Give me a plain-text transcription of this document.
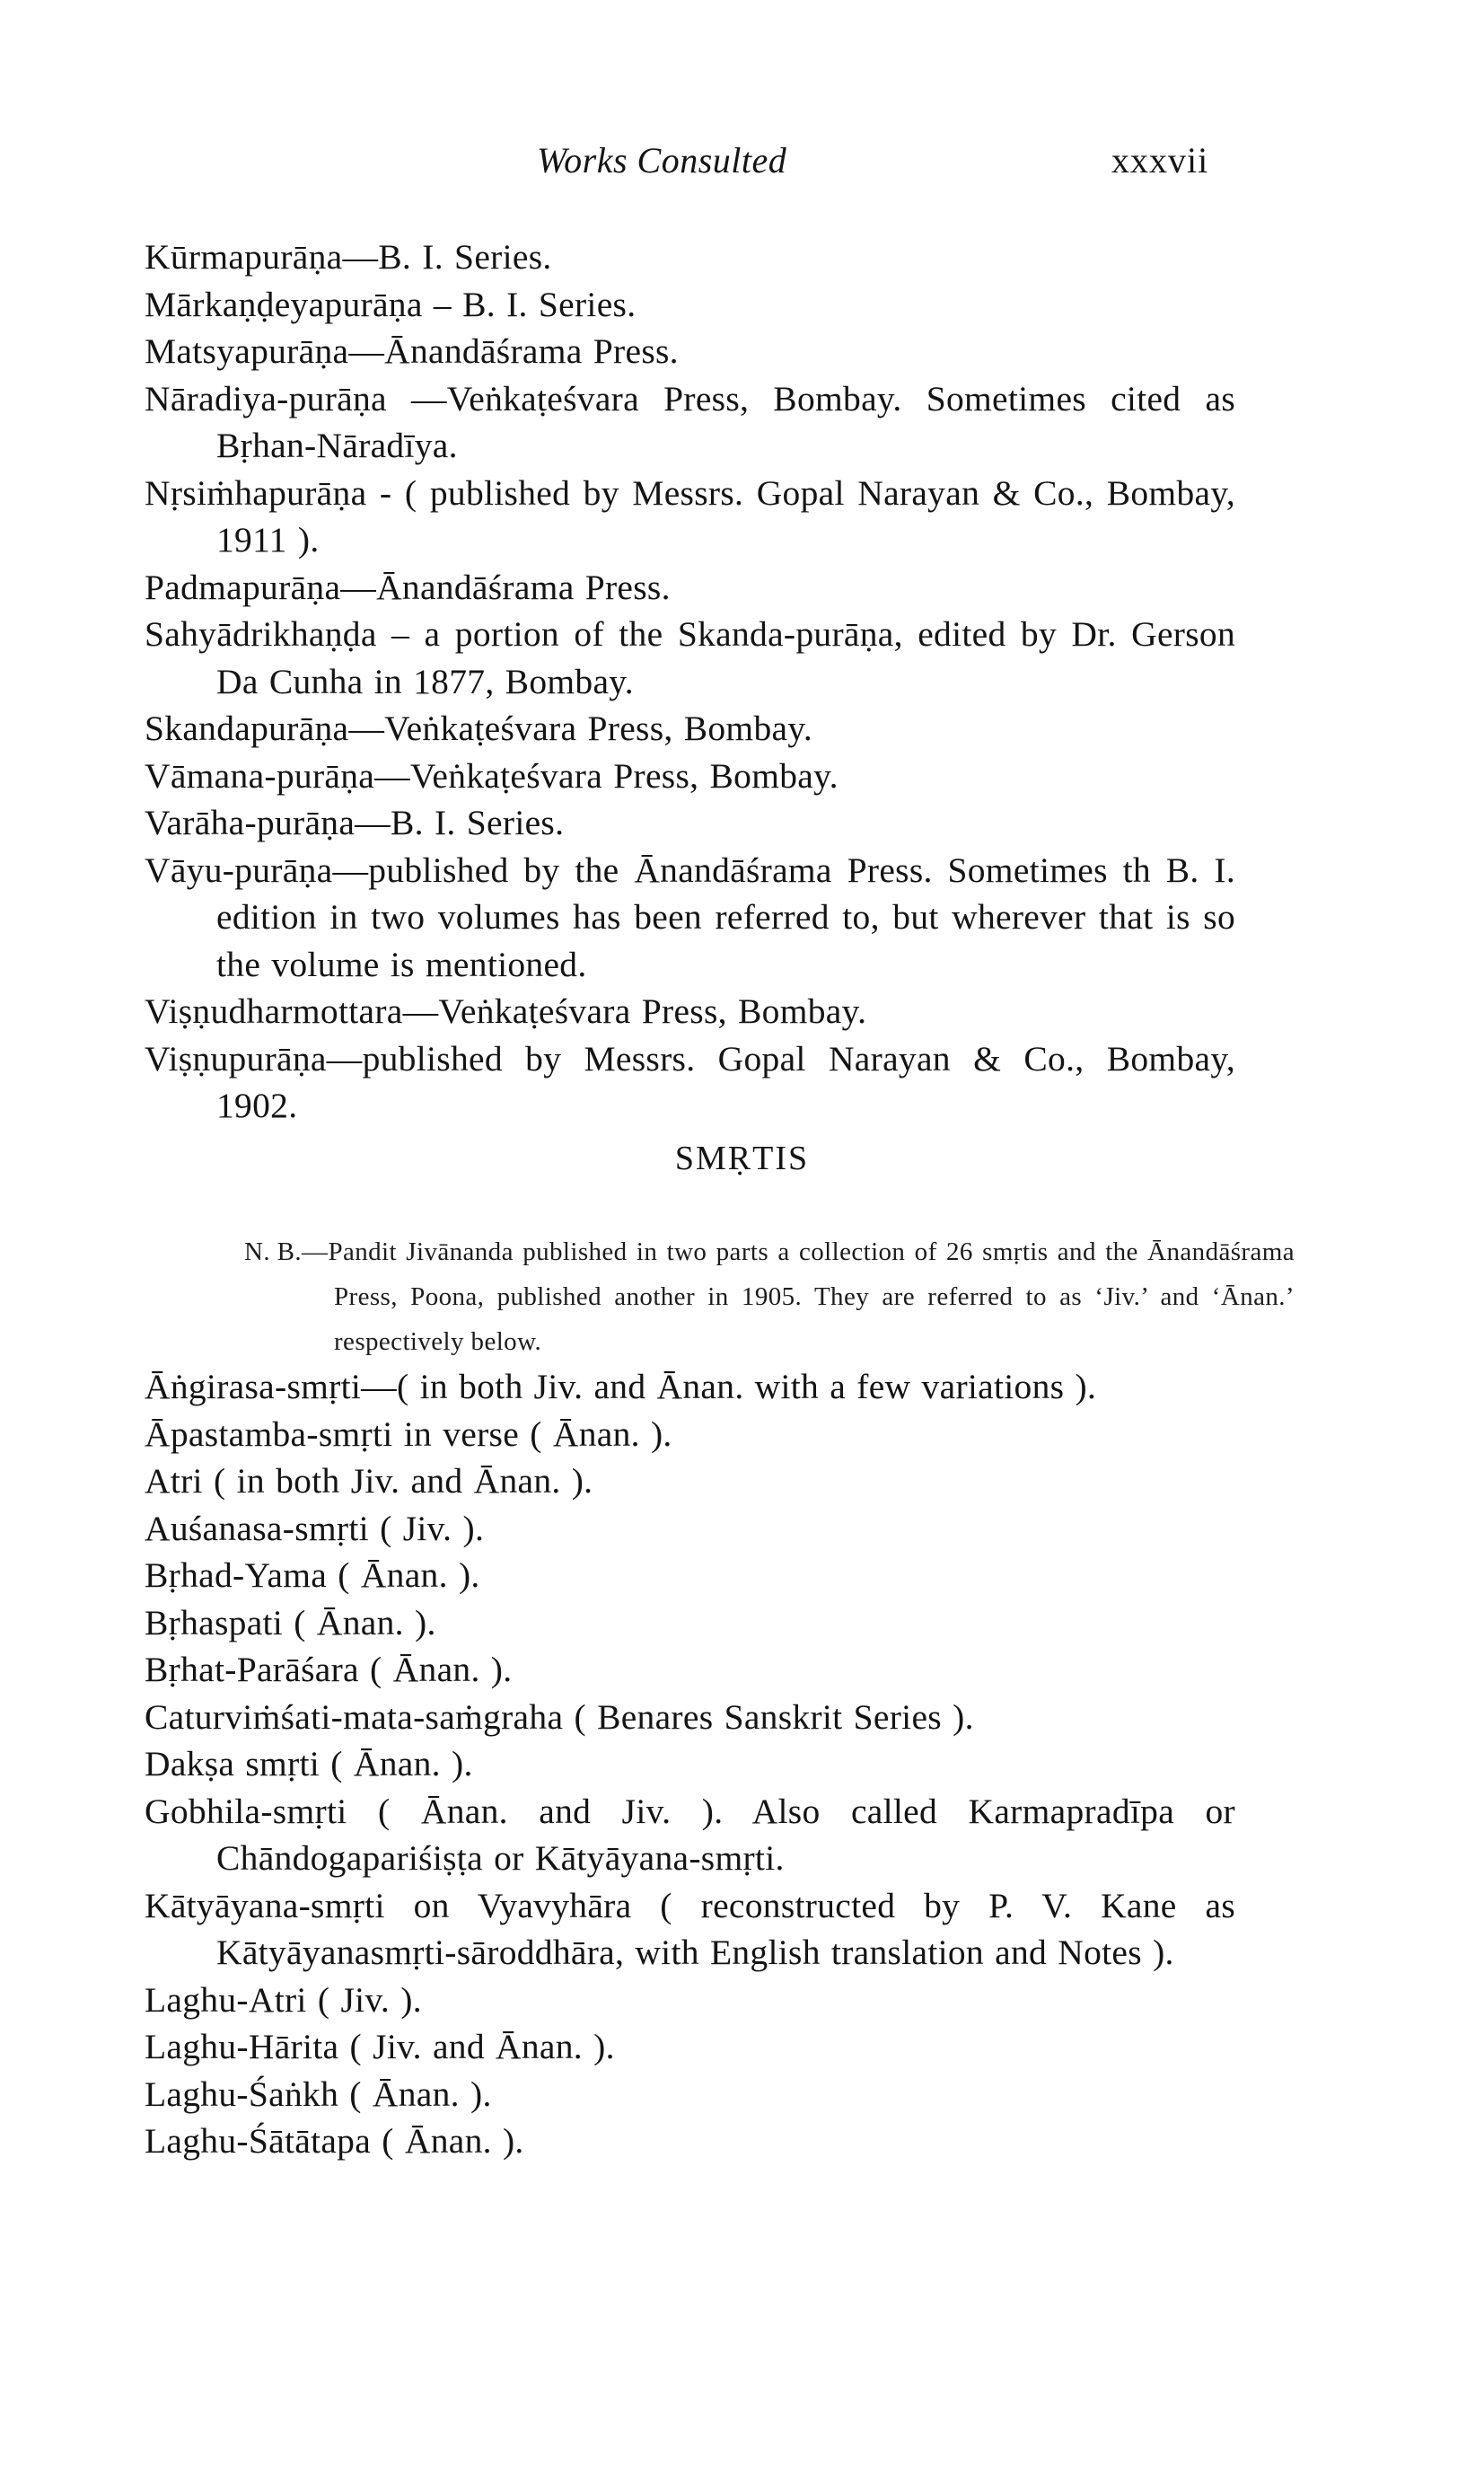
Works Consulted	xxxvii
Kūrmapurāṇa—B. I. Series.
Mārkaṇḍeyapurāṇa – B. I. Series.
Matsyapurāṇa—Ānandāśrama Press.
Nāradiya-purāṇa —Veṅkaṭeśvara Press, Bombay. Sometimes cited as Bṛhan-Nāradīya.
Nṛsiṁhapurāṇa - ( published by Messrs. Gopal Narayan & Co., Bombay, 1911 ).
Padmapurāṇa—Ānandāśrama Press.
Sahyādrikhaṇḍa – a portion of the Skanda-purāṇa, edited by Dr. Gerson Da Cunha in 1877, Bombay.
Skandapurāṇa—Veṅkaṭeśvara Press, Bombay.
Vāmana-purāṇa—Veṅkaṭeśvara Press, Bombay.
Varāha-purāṇa—B. I. Series.
Vāyu-purāṇa—published by the Ānandāśrama Press. Sometimes th B. I. edition in two volumes has been referred to, but wherever that is so the volume is mentioned.
Viṣṇudharmottara—Veṅkaṭeśvara Press, Bombay.
Viṣṇupurāṇa—published by Messrs. Gopal Narayan & Co., Bombay, 1902.
SMṚTIS

N. B.—Pandit Jivānanda published in two parts a collection of 26 smṛtis and the Ānandāśrama Press, Poona, published another in 1905. They are referred to as ‘Jiv.’ and ‘Ānan.’ respectively below.

Āṅgirasa-smṛti—( in both Jiv. and Ānan. with a few variations ).
Āpastamba-smṛti in verse ( Ānan. ).
Atri ( in both Jiv. and Ānan. ).
Auśanasa-smṛti ( Jiv. ).
Bṛhad-Yama ( Ānan. ).
Bṛhaspati ( Ānan. ).
Bṛhat-Parāśara ( Ānan. ).
Caturviṁśati-mata-saṁgraha ( Benares Sanskrit Series ).
Dakṣa smṛti ( Ānan. ).
Gobhila-smṛti ( Ānan. and Jiv. ). Also called Karmapradīpa or Chāndogapariśiṣṭa or Kātyāyana-smṛti.
Kātyāyana-smṛti on Vyavyhāra ( reconstructed by P. V. Kane as Kātyāyanasmṛti-sāroddhāra, with English translation and Notes ).
Laghu-Atri ( Jiv. ).
Laghu-Hārita ( Jiv. and Ānan. ).
Laghu-Śaṅkh ( Ānan. ).
Laghu-Śātātapa ( Ānan. ).
